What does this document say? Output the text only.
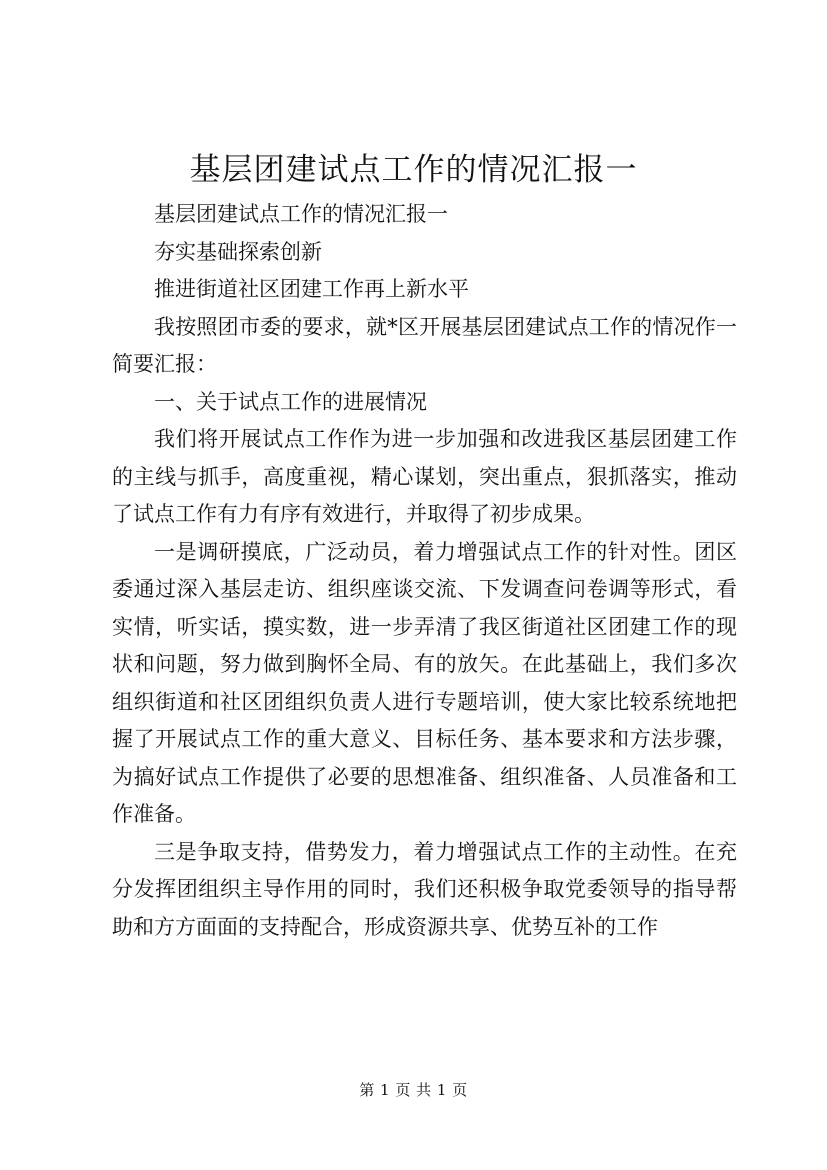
基层团建试点工作的情况汇报一

基层团建试点工作的情况汇报一

夯实基础探索创新

推进街道社区团建工作再上新水平

我按照团市委的要求，就*区开展基层团建试点工作的情况作一简要汇报：

一、关于试点工作的进展情况

我们将开展试点工作作为进一步加强和改进我区基层团建工作的主线与抓手，高度重视，精心谋划，突出重点，狠抓落实，推动了试点工作有力有序有效进行，并取得了初步成果。

一是调研摸底，广泛动员，着力增强试点工作的针对性。团区委通过深入基层走访、组织座谈交流、下发调查问卷调等形式，看实情，听实话，摸实数，进一步弄清了我区街道社区团建工作的现状和问题，努力做到胸怀全局、有的放矢。在此基础上，我们多次组织街道和社区团组织负责人进行专题培训，使大家比较系统地把握了开展试点工作的重大意义、目标任务、基本要求和方法步骤，为搞好试点工作提供了必要的思想准备、组织准备、人员准备和工作准备。

三是争取支持，借势发力，着力增强试点工作的主动性。在充分发挥团组织主导作用的同时，我们还积极争取党委领导的指导帮助和方方面面的支持配合，形成资源共享、优势互补的工作

第 1 页 共 1 页
